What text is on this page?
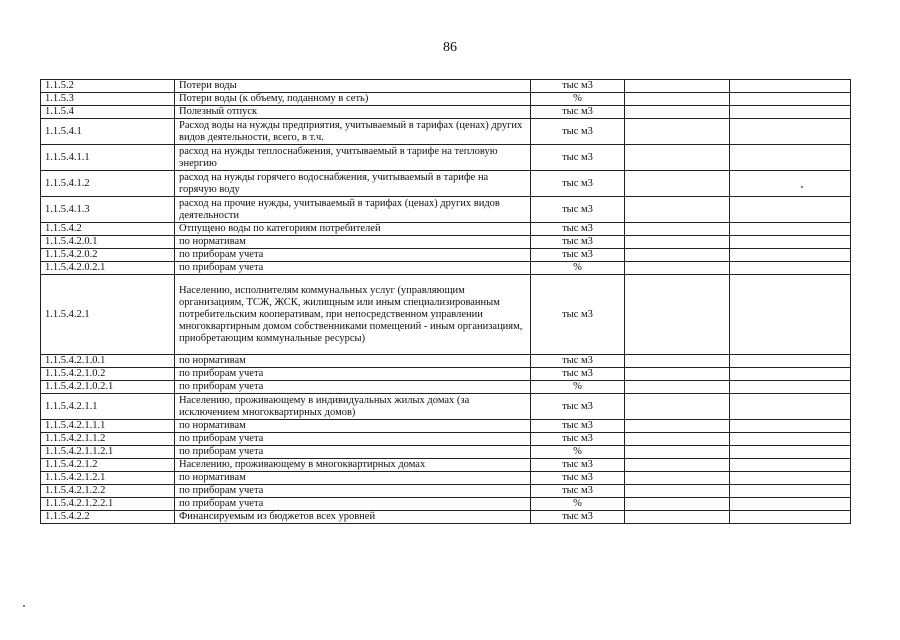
86
1.1.5.2	Потери воды	тыс м3		
1.1.5.3	Потери воды (к объему, поданному в сеть)	%		
1.1.5.4	Полезный отпуск	тыс м3		
1.1.5.4.1	Расход воды на нужды предприятия, учитываемый в тарифах (ценах) других видов деятельности, всего, в т.ч.	тыс м3		
1.1.5.4.1.1	расход на нужды теплоснабжения, учитываемый в тарифе на тепловую энергию	тыс м3		
1.1.5.4.1.2	расход на нужды горячего водоснабжения, учитываемый в тарифе на горячую воду	тыс м3		
1.1.5.4.1.3	расход на прочие нужды, учитываемый в тарифах (ценах) других видов деятельности	тыс м3		
1.1.5.4.2	Отпущено воды по категориям потребителей	тыс м3		
1.1.5.4.2.0.1	по нормативам	тыс м3		
1.1.5.4.2.0.2	по приборам учета	тыс м3		
1.1.5.4.2.0.2.1	по приборам учета	%		
1.1.5.4.2.1	Населению, исполнителям коммунальных услуг (управляющим организациям, ТСЖ, ЖСК, жилищным или иным специализированным потребительским кооперативам, при непосредственном управлении многоквартирным домом собственниками помещений - иным организациям, приобретающим коммунальные ресурсы)	тыс м3		
1.1.5.4.2.1.0.1	по нормативам	тыс м3		
1.1.5.4.2.1.0.2	по приборам учета	тыс м3		
1.1.5.4.2.1.0.2.1	по приборам учета	%		
1.1.5.4.2.1.1	Населению, проживающему в индивидуальных жилых домах (за исключением многоквартирных домов)	тыс м3		
1.1.5.4.2.1.1.1	по нормативам	тыс м3		
1.1.5.4.2.1.1.2	по приборам учета	тыс м3		
1.1.5.4.2.1.1.2.1	по приборам учета	%		
1.1.5.4.2.1.2	Населению, проживающему в многоквартирных домах	тыс м3		
1.1.5.4.2.1.2.1	по нормативам	тыс м3		
1.1.5.4.2.1.2.2	по приборам учета	тыс м3		
1.1.5.4.2.1.2.2.1	по приборам учета	%		
1.1.5.4.2.2	Финансируемым из бюджетов всех уровней	тыс м3		
